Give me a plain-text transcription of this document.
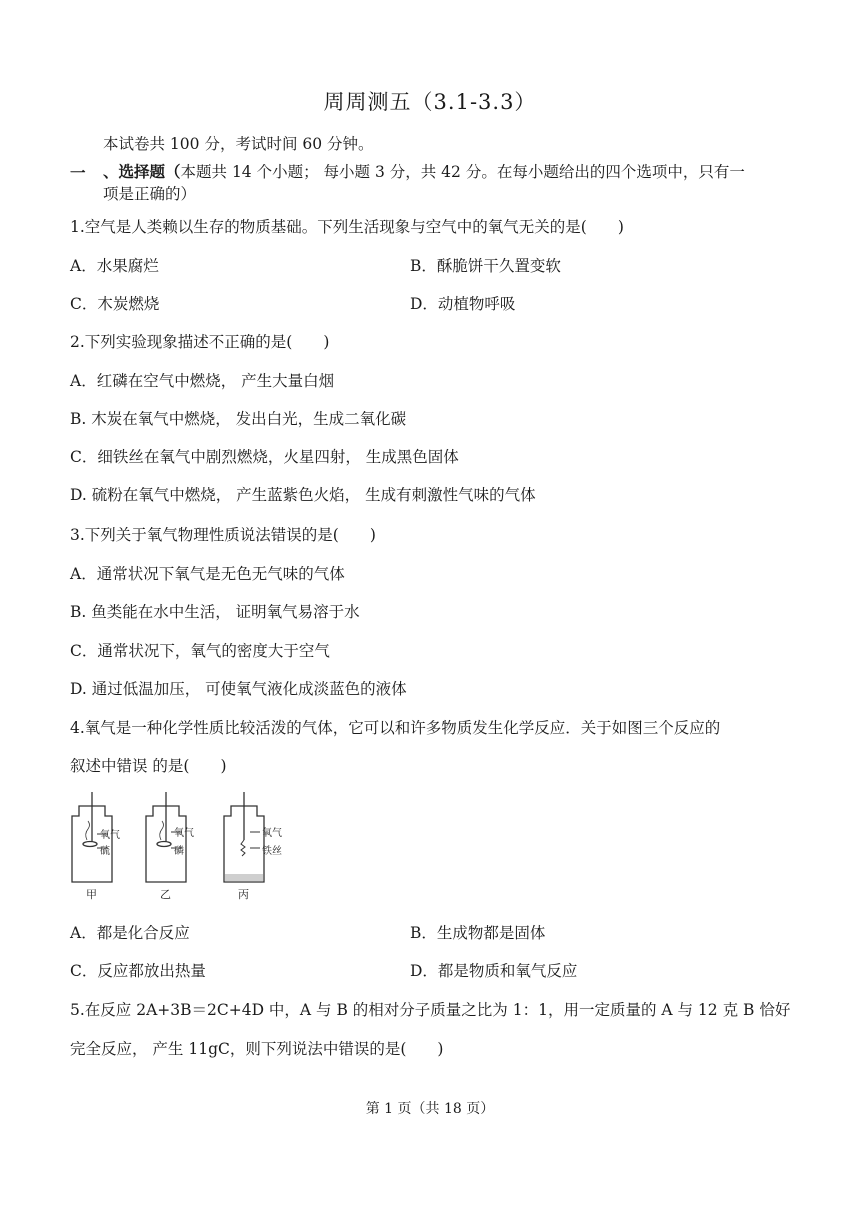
周周测五（3.1-3.3）
本试卷共 100 分，考试时间 60 分钟。
一 、选择题（本题共 14 个小题； 每小题 3 分，共 42 分。在每小题给出的四个选项中，只有一
项是正确的）
1.空气是人类赖以生存的物质基础。下列生活现象与空气中的氧气无关的是(　　)
A．水果腐烂	B．酥脆饼干久置变软
C．木炭燃烧	D．动植物呼吸
2.下列实验现象描述不正确的是(　　)
A．红磷在空气中燃烧， 产生大量白烟
B. 木炭在氧气中燃烧， 发出白光，生成二氧化碳
C．细铁丝在氧气中剧烈燃烧，火星四射， 生成黑色固体
D. 硫粉在氧气中燃烧， 产生蓝紫色火焰， 生成有刺激性气味的气体
3.下列关于氧气物理性质说法错误的是(　　)
A．通常状况下氧气是无色无气味的气体
B. 鱼类能在水中生活， 证明氧气易溶于水
C．通常状况下，氧气的密度大于空气
D. 通过低温加压， 可使氧气液化成淡蓝色的液体
4.氧气是一种化学性质比较活泼的气体，它可以和许多物质发生化学反应．关于如图三个反应的
叙述中错误 的是(　　)
氧气
硫
甲
氧气
磷
乙
氧气
铁丝
丙
A．都是化合反应	B．生成物都是固体
C．反应都放出热量	D．都是物质和氧气反应
5.在反应 2A+3B＝2C+4D 中，A 与 B 的相对分子质量之比为 1：1，用一定质量的 A 与 12 克 B 恰好
完全反应， 产生 11gC，则下列说法中错误的是(　　)
第 1 页（共 18 页）
